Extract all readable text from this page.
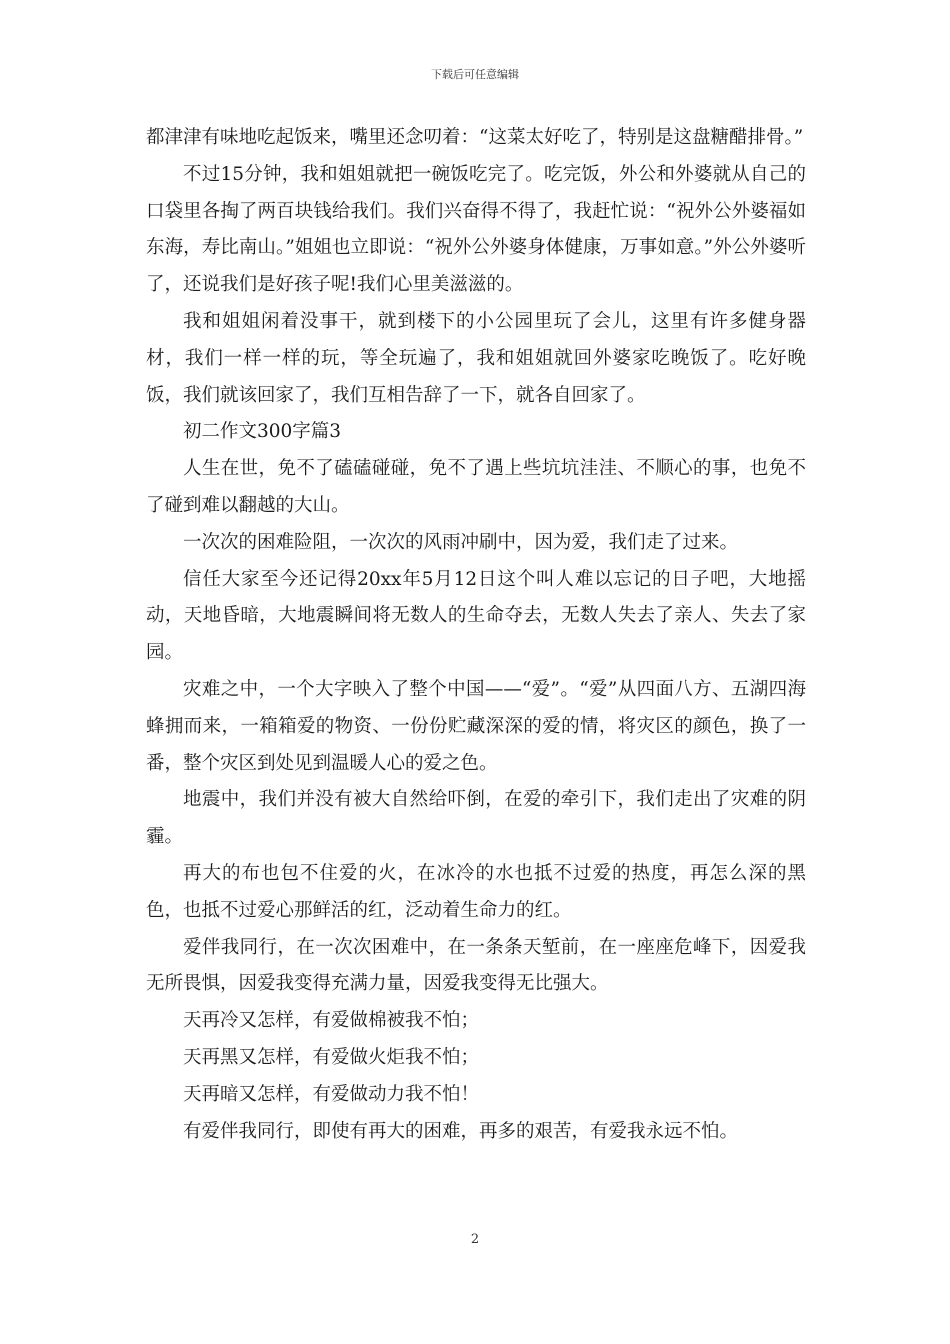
下载后可任意编辑

都津津有味地吃起饭来，嘴里还念叨着：“这菜太好吃了，特别是这盘糖醋排骨。”

不过15分钟，我和姐姐就把一碗饭吃完了。吃完饭，外公和外婆就从自己的口袋里各掏了两百块钱给我们。我们兴奋得不得了，我赶忙说：“祝外公外婆福如东海，寿比南山。”姐姐也立即说：“祝外公外婆身体健康，万事如意。”外公外婆听了，还说我们是好孩子呢!我们心里美滋滋的。

我和姐姐闲着没事干，就到楼下的小公园里玩了会儿，这里有许多健身器材，我们一样一样的玩，等全玩遍了，我和姐姐就回外婆家吃晚饭了。吃好晚饭，我们就该回家了，我们互相告辞了一下，就各自回家了。

初二作文300字篇3

人生在世，免不了磕磕碰碰，免不了遇上些坑坑洼洼、不顺心的事，也免不了碰到难以翻越的大山。

一次次的困难险阻，一次次的风雨冲刷中，因为爱，我们走了过来。

信任大家至今还记得20xx年5月12日这个叫人难以忘记的日子吧，大地摇动，天地昏暗，大地震瞬间将无数人的生命夺去，无数人失去了亲人、失去了家园。

灾难之中，一个大字映入了整个中国——“爱”。“爱”从四面八方、五湖四海蜂拥而来，一箱箱爱的物资、一份份贮藏深深的爱的情，将灾区的颜色，换了一番，整个灾区到处见到温暖人心的爱之色。

地震中，我们并没有被大自然给吓倒，在爱的牵引下，我们走出了灾难的阴霾。

再大的布也包不住爱的火，在冰冷的水也抵不过爱的热度，再怎么深的黑色，也抵不过爱心那鲜活的红，泛动着生命力的红。

爱伴我同行，在一次次困难中，在一条条天堑前，在一座座危峰下，因爱我无所畏惧，因爱我变得充满力量，因爱我变得无比强大。

天再冷又怎样，有爱做棉被我不怕；

天再黑又怎样，有爱做火炬我不怕；

天再暗又怎样，有爱做动力我不怕！

有爱伴我同行，即使有再大的困难，再多的艰苦，有爱我永远不怕。

2
